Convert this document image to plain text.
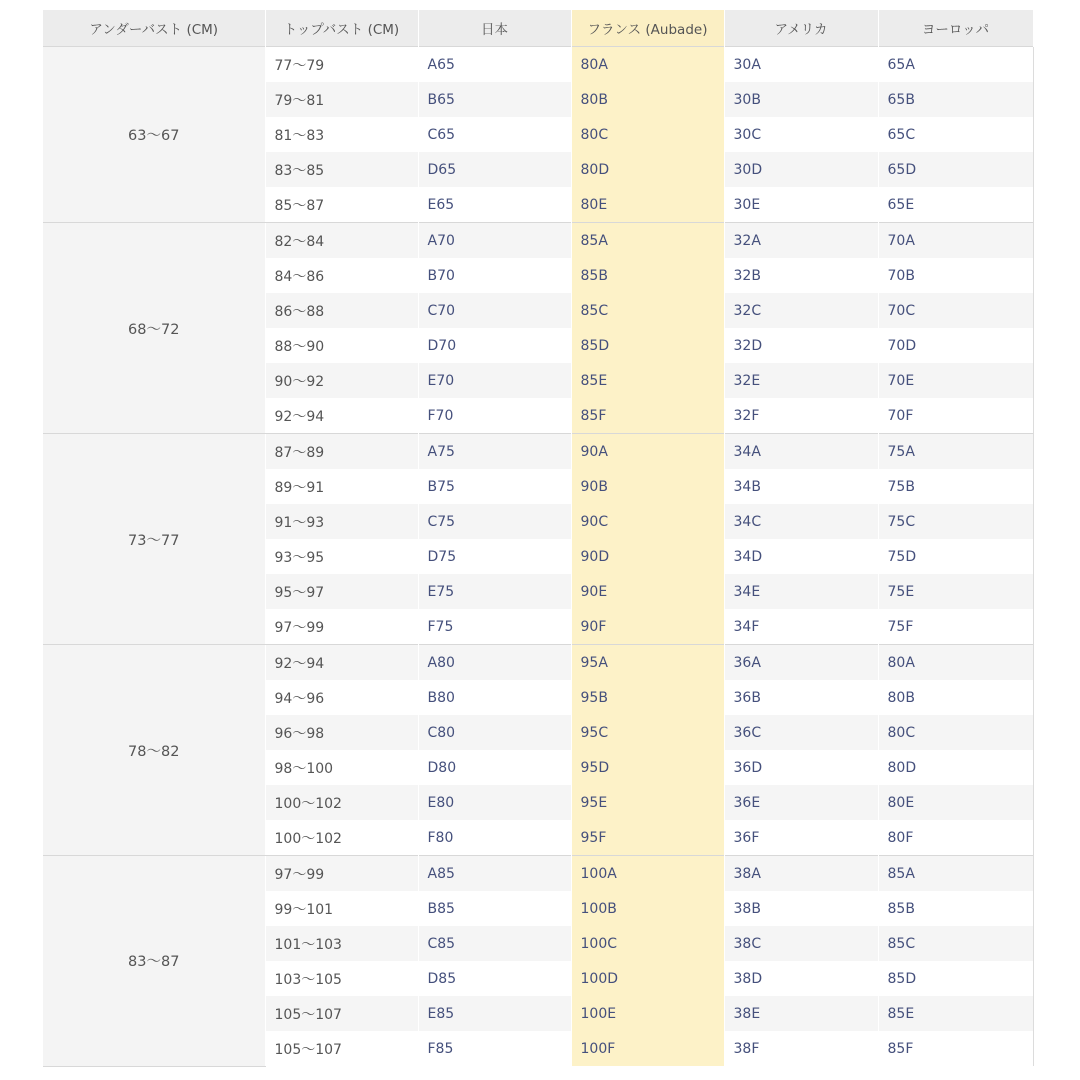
アンダーバスト (CM)	トップバスト (CM)	日本	フランス (Aubade)	アメリカ	ヨーロッパ
63～67	77～79	A65	80A	30A	65A
	79～81	B65	80B	30B	65B
	81～83	C65	80C	30C	65C
	83～85	D65	80D	30D	65D
	85～87	E65	80E	30E	65E
68～72	82～84	A70	85A	32A	70A
	84～86	B70	85B	32B	70B
	86～88	C70	85C	32C	70C
	88～90	D70	85D	32D	70D
	90～92	E70	85E	32E	70E
	92～94	F70	85F	32F	70F
73～77	87～89	A75	90A	34A	75A
	89～91	B75	90B	34B	75B
	91～93	C75	90C	34C	75C
	93～95	D75	90D	34D	75D
	95～97	E75	90E	34E	75E
	97～99	F75	90F	34F	75F
78～82	92～94	A80	95A	36A	80A
	94～96	B80	95B	36B	80B
	96～98	C80	95C	36C	80C
	98～100	D80	95D	36D	80D
	100～102	E80	95E	36E	80E
	100～102	F80	95F	36F	80F
83～87	97～99	A85	100A	38A	85A
	99～101	B85	100B	38B	85B
	101～103	C85	100C	38C	85C
	103～105	D85	100D	38D	85D
	105～107	E85	100E	38E	85E
	105～107	F85	100F	38F	85F
